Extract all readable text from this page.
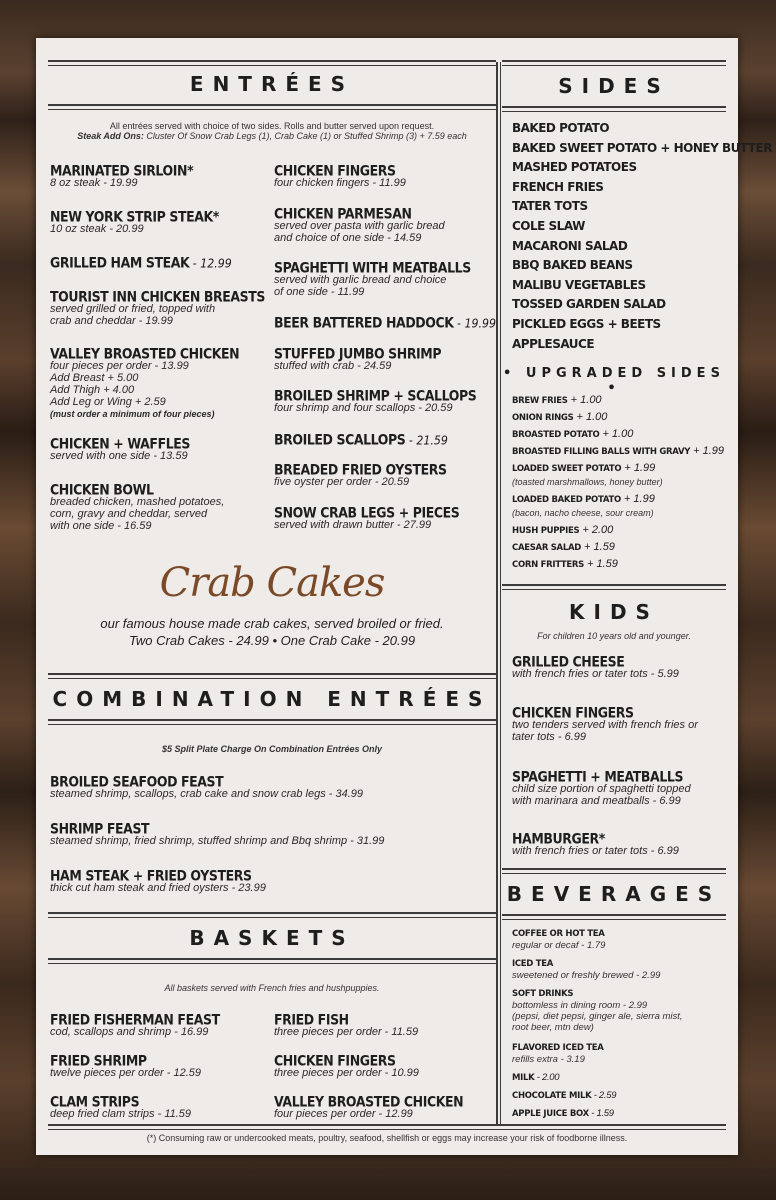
ENTRÉES
All entrées served with choice of two sides. Rolls and butter served upon request.
Steak Add Ons: Cluster Of Snow Crab Legs (1), Crab Cake (1) or Stuffed Shrimp (3) + 7.59 each
MARINATED SIRLOIN*
8 oz steak - 19.99
NEW YORK STRIP STEAK*
10 oz steak - 20.99
GRILLED HAM STEAK - 12.99
TOURIST INN CHICKEN BREASTS
served grilled or fried, topped with
crab and cheddar - 19.99
VALLEY BROASTED CHICKEN
four pieces per order - 13.99
Add Breast + 5.00
Add Thigh + 4.00
Add Leg or Wing + 2.59
(must order a minimum of four pieces)
CHICKEN + WAFFLES
served with one side - 13.59
CHICKEN BOWL
breaded chicken, mashed potatoes,
corn, gravy and cheddar, served
with one side - 16.59
CHICKEN FINGERS
four chicken fingers - 11.99
CHICKEN PARMESAN
served over pasta with garlic bread
and choice of one side - 14.59
SPAGHETTI WITH MEATBALLS
served with garlic bread and choice
of one side - 11.99
BEER BATTERED HADDOCK - 19.99
STUFFED JUMBO SHRIMP
stuffed with crab - 24.59
BROILED SHRIMP + SCALLOPS
four shrimp and four scallops - 20.59
BROILED SCALLOPS - 21.59
BREADED FRIED OYSTERS
five oyster per order - 20.59
SNOW CRAB LEGS + PIECES
served with drawn butter - 27.99
Crab Cakes
our famous house made crab cakes, served broiled or fried.
Two Crab Cakes - 24.99 • One Crab Cake - 20.99
COMBINATION ENTRÉES
$5 Split Plate Charge On Combination Entrées Only
BROILED SEAFOOD FEAST
steamed shrimp, scallops, crab cake and snow crab legs - 34.99
SHRIMP FEAST
steamed shrimp, fried shrimp, stuffed shrimp and Bbq shrimp - 31.99
HAM STEAK + FRIED OYSTERS
thick cut ham steak and fried oysters - 23.99
BASKETS
All baskets served with French fries and hushpuppies.
FRIED FISHERMAN FEAST
cod, scallops and shrimp - 16.99
FRIED SHRIMP
twelve pieces per order - 12.59
CLAM STRIPS
deep fried clam strips - 11.59
FRIED FISH
three pieces per order - 11.59
CHICKEN FINGERS
three pieces per order - 10.99
VALLEY BROASTED CHICKEN
four pieces per order - 12.99
SIDES
BAKED POTATO
BAKED SWEET POTATO + HONEY BUTTER
MASHED POTATOES
FRENCH FRIES
TATER TOTS
COLE SLAW
MACARONI SALAD
BBQ BAKED BEANS
MALIBU VEGETABLES
TOSSED GARDEN SALAD
PICKLED EGGS + BEETS
APPLESAUCE
• UPGRADED SIDES •
BREW FRIES + 1.00
ONION RINGS + 1.00
BROASTED POTATO + 1.00
BROASTED FILLING BALLS WITH GRAVY + 1.99
LOADED SWEET POTATO + 1.99
(toasted marshmallows, honey butter)
LOADED BAKED POTATO + 1.99
(bacon, nacho cheese, sour cream)
HUSH PUPPIES + 2.00
CAESAR SALAD + 1.59
CORN FRITTERS + 1.59
KIDS
For children 10 years old and younger.
GRILLED CHEESE
with french fries or tater tots - 5.99
CHICKEN FINGERS
two tenders served with french fries or
tater tots - 6.99
SPAGHETTI + MEATBALLS
child size portion of spaghetti topped
with marinara and meatballs - 6.99
HAMBURGER*
with french fries or tater tots - 6.99
BEVERAGES
COFFEE OR HOT TEA
regular or decaf - 1.79
ICED TEA
sweetened or freshly brewed - 2.99
SOFT DRINKS
bottomless in dining room - 2.99
(pepsi, diet pepsi, ginger ale, sierra mist,
root beer, mtn dew)
FLAVORED ICED TEA
refills extra - 3.19
MILK - 2.00
CHOCOLATE MILK - 2.59
APPLE JUICE BOX - 1.59
(*) Consuming raw or undercooked meats, poultry, seafood, shellfish or eggs may increase your risk of foodborne illness.
